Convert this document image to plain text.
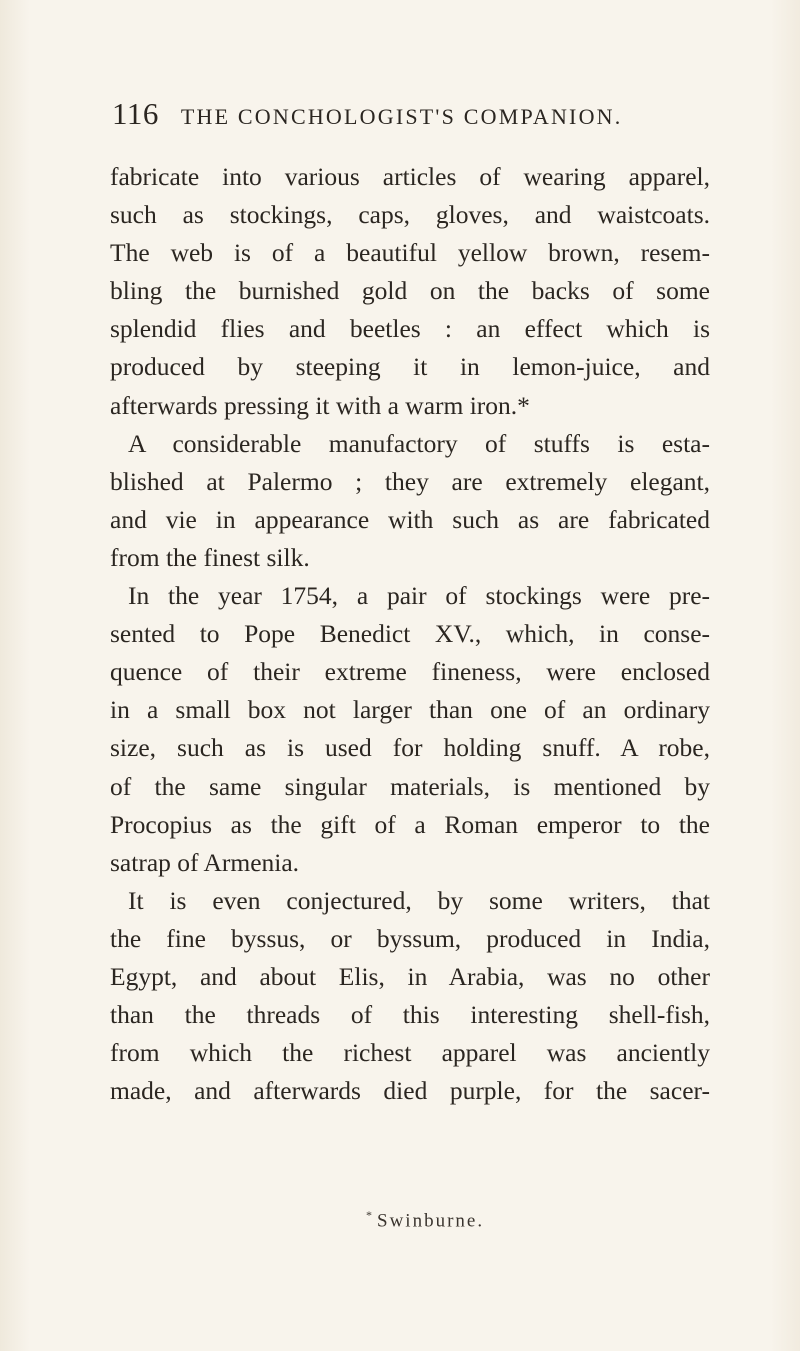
116 THE CONCHOLOGIST'S COMPANION.
fabricate into various articles of wearing apparel,
such as stockings, caps, gloves, and waistcoats.
The web is of a beautiful yellow brown, resem-
bling the burnished gold on the backs of some
splendid flies and beetles : an effect which is
produced by steeping it in lemon-juice, and
afterwards pressing it with a warm iron.*
A considerable manufactory of stuffs is esta-
blished at Palermo ; they are extremely elegant,
and vie in appearance with such as are fabricated
from the finest silk.
In the year 1754, a pair of stockings were pre-
sented to Pope Benedict XV., which, in conse-
quence of their extreme fineness, were enclosed
in a small box not larger than one of an ordinary
size, such as is used for holding snuff. A robe,
of the same singular materials, is mentioned by
Procopius as the gift of a Roman emperor to the
satrap of Armenia.
It is even conjectured, by some writers, that
the fine byssus, or byssum, produced in India,
Egypt, and about Elis, in Arabia, was no other
than the threads of this interesting shell-fish,
from which the richest apparel was anciently
made, and afterwards died purple, for the sacer-
* Swinburne.
